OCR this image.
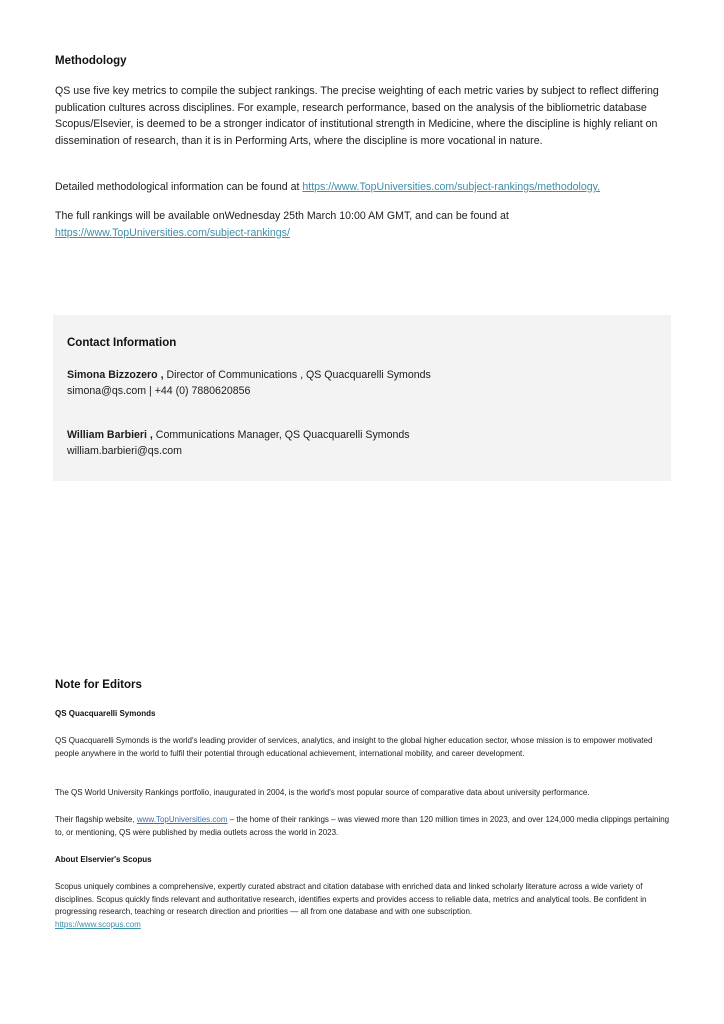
Methodology

QS use five key metrics to compile the subject rankings. The precise weighting of each metric varies by subject to reflect differing publication cultures across disciplines. For example, research performance, based on the analysis of the bibliometric database Scopus/Elsevier, is deemed to be a stronger indicator of institutional strength in Medicine, where the discipline is highly reliant on dissemination of research, than it is in Performing Arts, where the discipline is more vocational in nature.

Detailed methodological information can be found at https://www.TopUniversities.com/subject-rankings/methodology.

The full rankings will be available onWednesday 25th March 10:00 AM GMT, and can be found at
https://www.TopUniversities.com/subject-rankings/

Contact Information
Simona Bizzozero , Director of Communications , QS Quacquarelli Symonds
simona@qs.com | +44 (0) 7880620856
William Barbieri , Communications Manager, QS Quacquarelli Symonds
william.barbieri@qs.com
Note for Editors
QS Quacquarelli Symonds

QS Quacquarelli Symonds is the world's leading provider of services, analytics, and insight to the global higher education sector, whose mission is to empower motivated people anywhere in the world to fulfil their potential through educational achievement, international mobility, and career development.

The QS World University Rankings portfolio, inaugurated in 2004, is the world's most popular source of comparative data about university performance.

Their flagship website, www.TopUniversities.com – the home of their rankings – was viewed more than 120 million times in 2023, and over 124,000 media clippings pertaining to, or mentioning, QS were published by media outlets across the world in 2023.

About Elservier's Scopus

Scopus uniquely combines a comprehensive, expertly curated abstract and citation database with enriched data and linked scholarly literature across a wide variety of disciplines. Scopus quickly finds relevant and authoritative research, identifies experts and provides access to reliable data, metrics and analytical tools. Be confident in progressing research, teaching or research direction and priorities — all from one database and with one subscription.
https://www.scopus.com
